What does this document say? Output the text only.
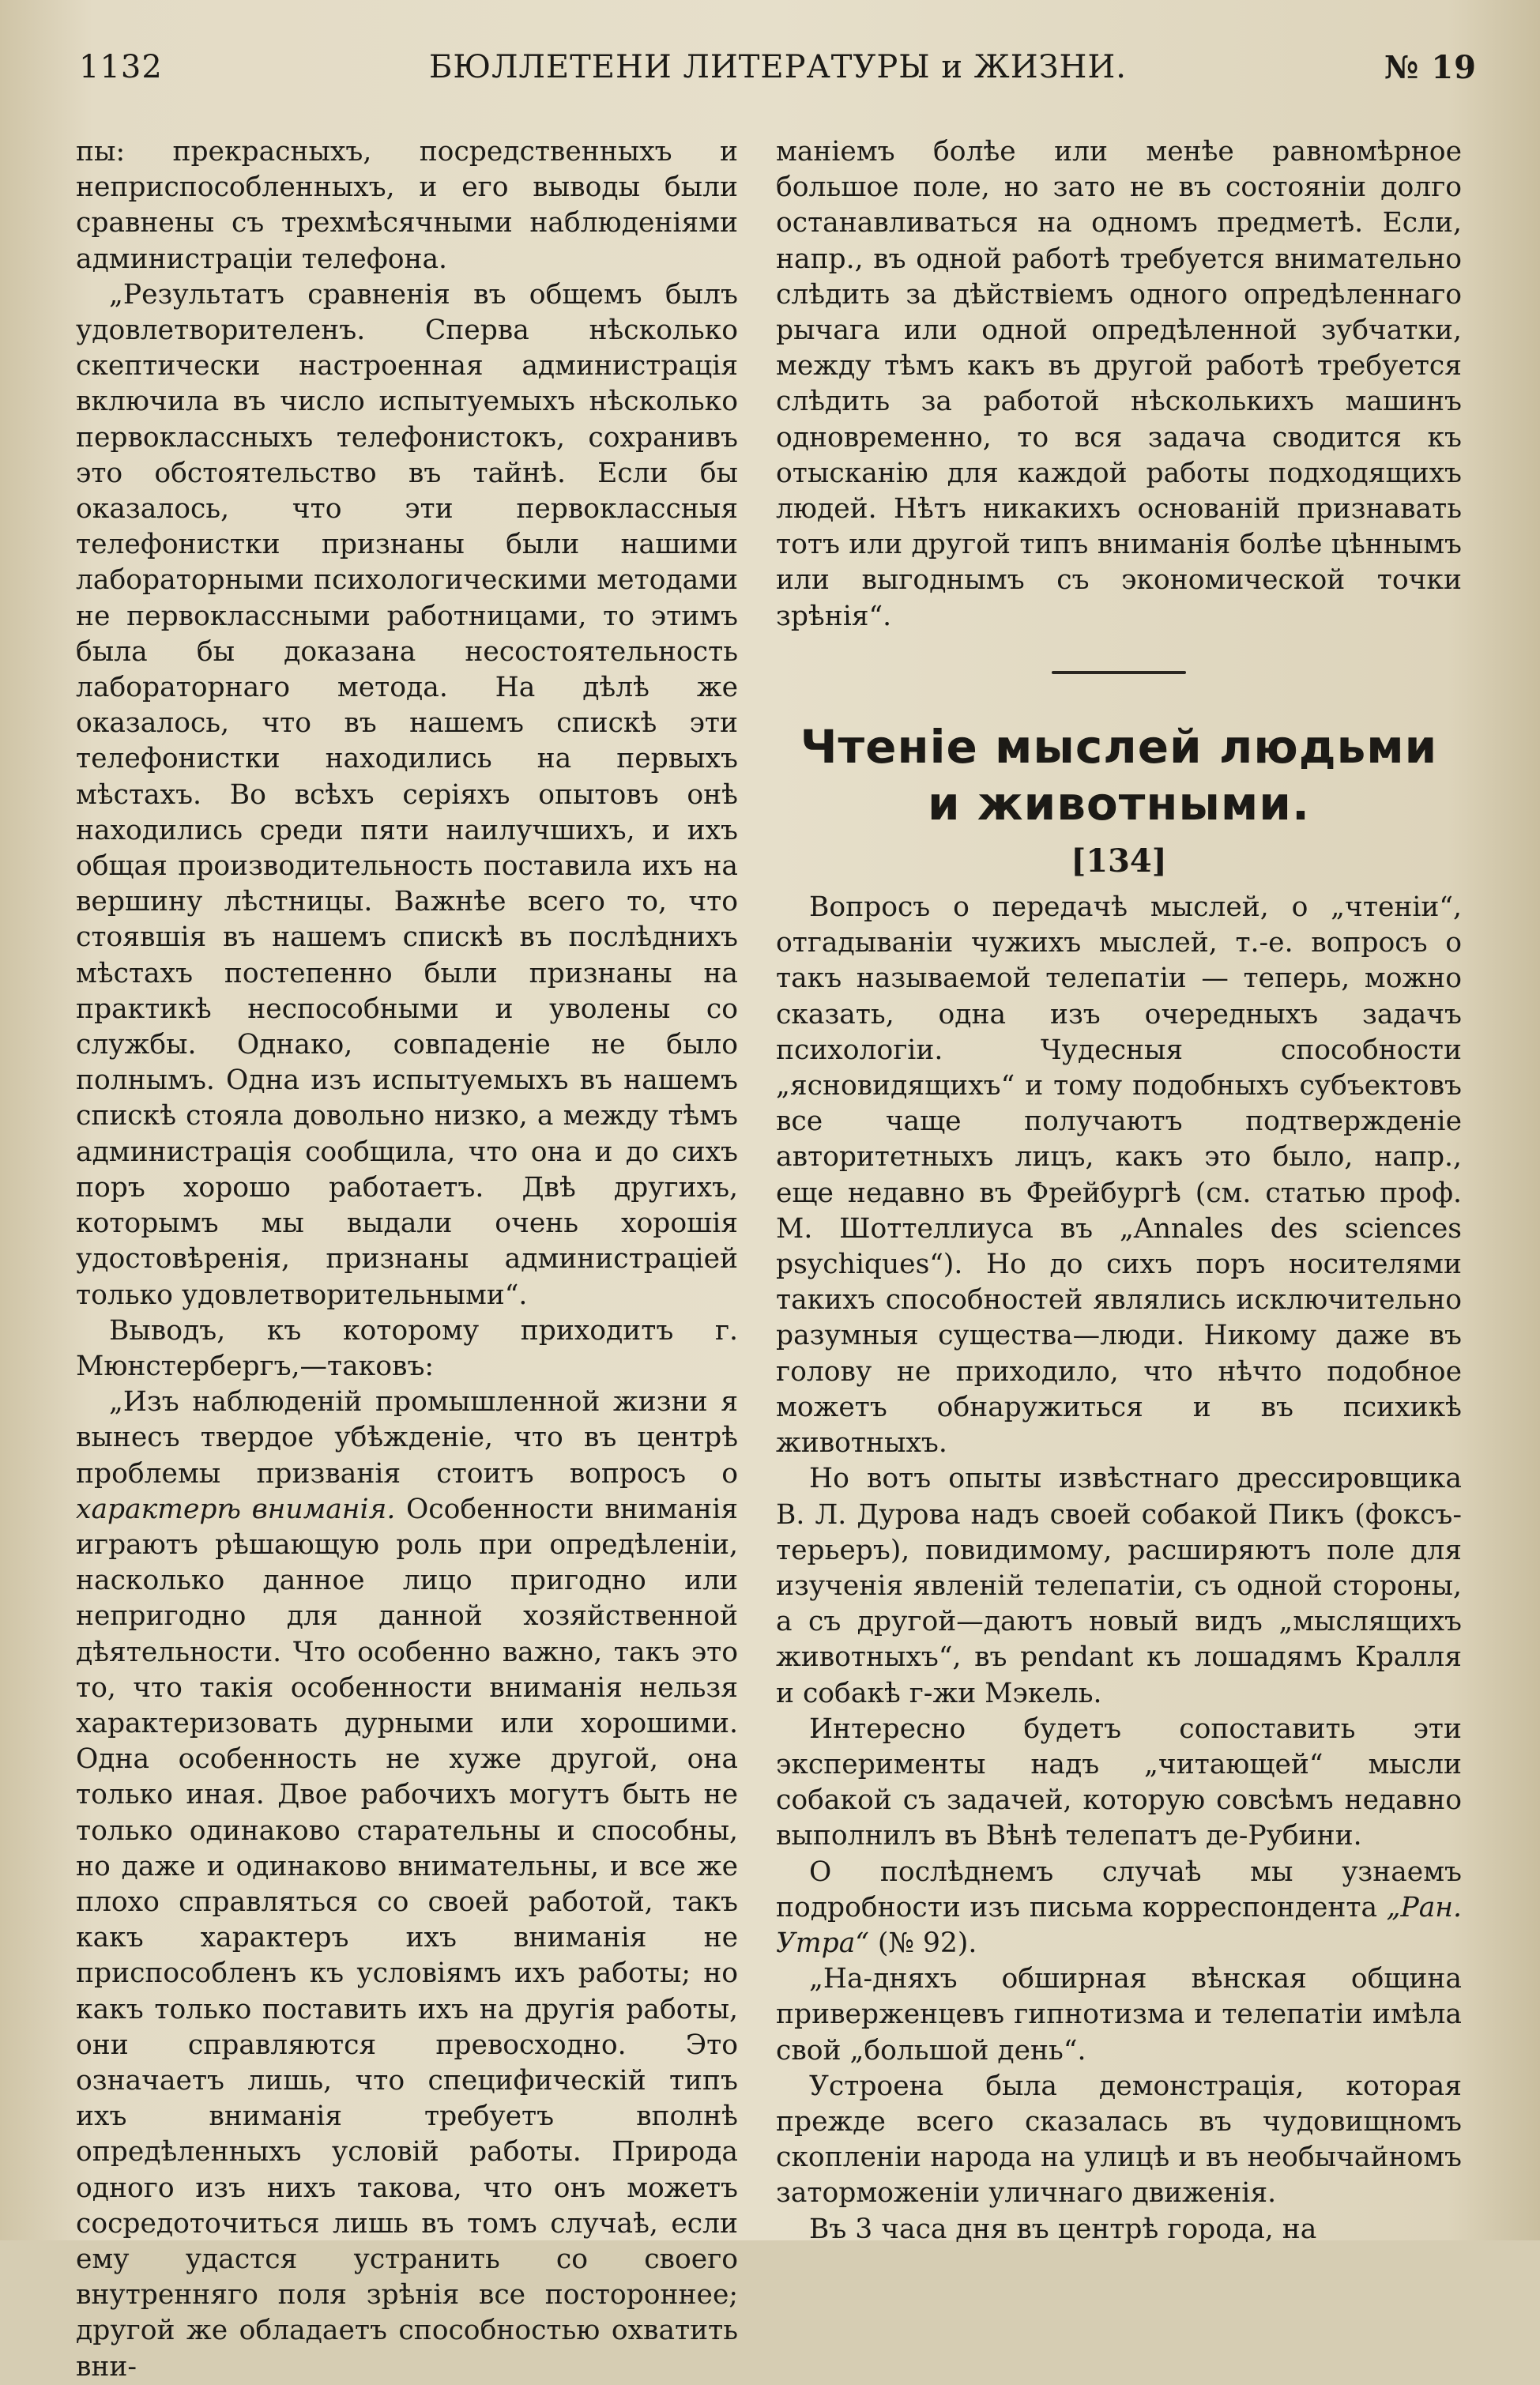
1132	БЮЛЛЕТЕНИ ЛИТЕРАТУРЫ и ЖИЗНИ.	№ 19

пы: прекрасныхъ, посредственныхъ и неприспособленныхъ, и его выводы были сравнены съ трехмѣсячными наблюденіями администраціи телефона.

„Результатъ сравненія въ общемъ былъ удовлетворителенъ. Сперва нѣсколько скептически настроенная администрація включила въ число испытуемыхъ нѣсколько первоклассныхъ телефонистокъ, сохранивъ это обстоятельство въ тайнѣ. Если бы оказалось, что эти первоклассныя телефонистки признаны были нашими лабораторными психологическими методами не первоклассными работницами, то этимъ была бы доказана несостоятельность лабораторнаго метода. На дѣлѣ же оказалось, что въ нашемъ спискѣ эти телефонистки находились на первыхъ мѣстахъ. Во всѣхъ серіяхъ опытовъ онѣ находились среди пяти наилучшихъ, и ихъ общая производительность поставила ихъ на вершину лѣстницы. Важнѣе всего то, что стоявшія въ нашемъ спискѣ въ послѣднихъ мѣстахъ постепенно были признаны на практикѣ неспособными и уволены со службы. Однако, совпаденіе не было полнымъ. Одна изъ испытуемыхъ въ нашемъ спискѣ стояла довольно низко, а между тѣмъ администрація сообщила, что она и до сихъ поръ хорошо работаетъ. Двѣ другихъ, которымъ мы выдали очень хорошія удостовѣренія, признаны администраціей только удовлетворительными“.

Выводъ, къ которому приходитъ г. Мюнстербергъ,—таковъ:

„Изъ наблюденій промышленной жизни я вынесъ твердое убѣжденіе, что въ центрѣ проблемы призванія стоитъ вопросъ о характерѣ вниманія. Особенности вниманія играютъ рѣшающую роль при опредѣленіи, насколько данное лицо пригодно или непригодно для данной хозяйственной дѣятельности. Что особенно важно, такъ это то, что такія особенности вниманія нельзя характеризовать дурными или хорошими. Одна особенность не хуже другой, она только иная. Двое рабочихъ могутъ быть не только одинаково старательны и способны, но даже и одинаково внимательны, и все же плохо справляться со своей работой, такъ какъ характеръ ихъ вниманія не приспособленъ къ условіямъ ихъ работы; но какъ только поставить ихъ на другія работы, они справляются превосходно. Это означаетъ лишь, что специфическій типъ ихъ вниманія требуетъ вполнѣ опредѣленныхъ условій работы. Природа одного изъ нихъ такова, что онъ можетъ сосредоточиться лишь въ томъ случаѣ, если ему удастся устранить со своего внутренняго поля зрѣнія все постороннее; другой же обладаетъ способностью охватить вни-

маніемъ болѣе или менѣе равномѣрное большое поле, но зато не въ состояніи долго останавливаться на одномъ предметѣ. Если, напр., въ одной работѣ требуется внимательно слѣдить за дѣйствіемъ одного опредѣленнаго рычага или одной опредѣленной зубчатки, между тѣмъ какъ въ другой работѣ требуется слѣдить за работой нѣсколькихъ машинъ одновременно, то вся задача сводится къ отысканію для каждой работы подходящихъ людей. Нѣтъ никакихъ основаній признавать тотъ или другой типъ вниманія болѣе цѣннымъ или выгоднымъ съ экономической точки зрѣнія“.

Чтеніе мыслей людьми и животными.
[134]

Вопросъ о передачѣ мыслей, о „чтеніи“, отгадываніи чужихъ мыслей, т.-е. вопросъ о такъ называемой телепатіи — теперь, можно сказать, одна изъ очередныхъ задачъ психологіи. Чудесныя способности „ясновидящихъ“ и тому подобныхъ субъектовъ все чаще получаютъ подтвержденіе авторитетныхъ лицъ, какъ это было, напр., еще недавно въ Фрейбургѣ (см. статью проф. М. Шоттеллиуса въ „Annales des sciences psychiques“). Но до сихъ поръ носителями такихъ способностей являлись исключительно разумныя существа—люди. Никому даже въ голову не приходило, что нѣчто подобное можетъ обнаружиться и въ психикѣ животныхъ.

Но вотъ опыты извѣстнаго дрессировщика В. Л. Дурова надъ своей собакой Пикъ (фоксъ-терьеръ), повидимому, расширяютъ поле для изученія явленій телепатіи, съ одной стороны, а съ другой—даютъ новый видъ „мыслящихъ животныхъ“, въ pendant къ лошадямъ Кралля и собакѣ г-жи Мэкель.

Интересно будетъ сопоставить эти эксперименты надъ „читающей“ мысли собакой съ задачей, которую совсѣмъ недавно выполнилъ въ Вѣнѣ телепатъ де-Рубини.

О послѣднемъ случаѣ мы узнаемъ подробности изъ письма корреспондента „Ран. Утра“ (№ 92).

„На-дняхъ обширная вѣнская община приверженцевъ гипнотизма и телепатіи имѣла свой „большой день“.

Устроена была демонстрація, которая прежде всего сказалась въ чудовищномъ скопленіи народа на улицѣ и въ необычайномъ заторможеніи уличнаго движенія.

Въ 3 часа дня въ центрѣ города, на
